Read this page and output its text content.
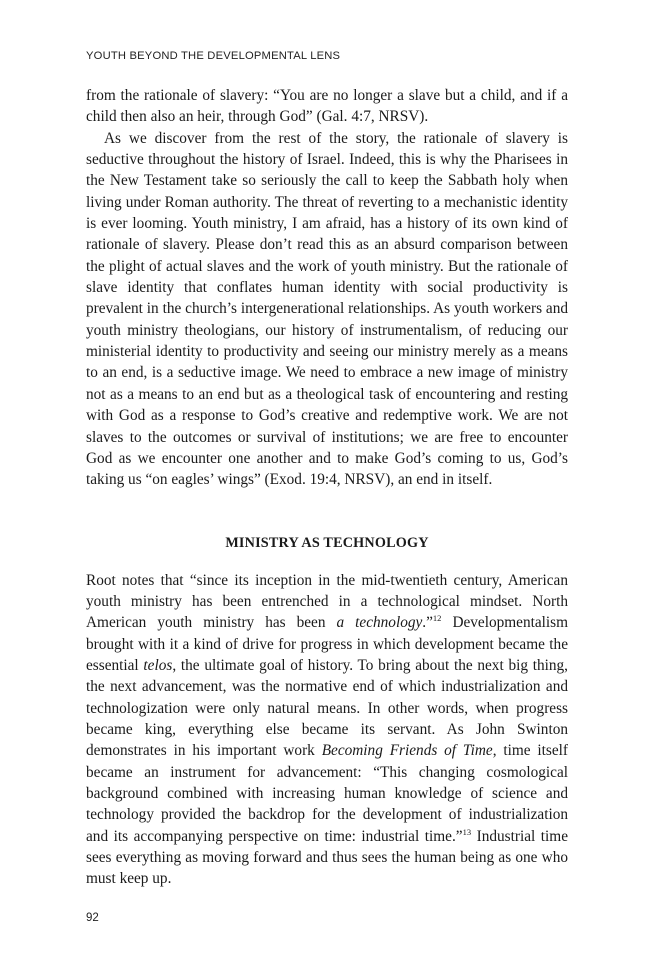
YOUTH BEYOND THE DEVELOPMENTAL LENS

from the rationale of slavery: “You are no longer a slave but a child, and if a child then also an heir, through God” (Gal. 4:7, NRSV).

As we discover from the rest of the story, the rationale of slavery is seductive throughout the history of Israel. Indeed, this is why the Pharisees in the New Testament take so seriously the call to keep the Sabbath holy when living under Roman authority. The threat of reverting to a mechanistic identity is ever looming. Youth ministry, I am afraid, has a history of its own kind of rationale of slavery. Please don’t read this as an absurd comparison between the plight of actual slaves and the work of youth ministry. But the rationale of slave identity that conflates human identity with social productivity is prevalent in the church’s intergenerational relationships. As youth workers and youth ministry theologians, our history of instrumentalism, of reducing our ministerial identity to productivity and seeing our ministry merely as a means to an end, is a seductive image. We need to embrace a new image of ministry not as a means to an end but as a theological task of encountering and resting with God as a response to God’s creative and redemptive work. We are not slaves to the outcomes or survival of institutions; we are free to encounter God as we encounter one another and to make God’s coming to us, God’s taking us “on eagles’ wings” (Exod. 19:4, NRSV), an end in itself.

MINISTRY AS TECHNOLOGY

Root notes that “since its inception in the mid-twentieth century, American youth ministry has been entrenched in a technological mindset. North American youth ministry has been a technology.”$^{12}$ Developmentalism brought with it a kind of drive for progress in which development became the essential telos, the ultimate goal of history. To bring about the next big thing, the next advancement, was the normative end of which industrialization and technologization were only natural means. In other words, when progress became king, everything else became its servant. As John Swinton demonstrates in his important work Becoming Friends of Time, time itself became an instrument for advancement: “This changing cosmological background combined with increasing human knowledge of science and technology provided the backdrop for the development of industrialization and its accompanying perspective on time: industrial time.”$^{13}$ Industrial time sees everything as moving forward and thus sees the human being as one who must keep up.

92
